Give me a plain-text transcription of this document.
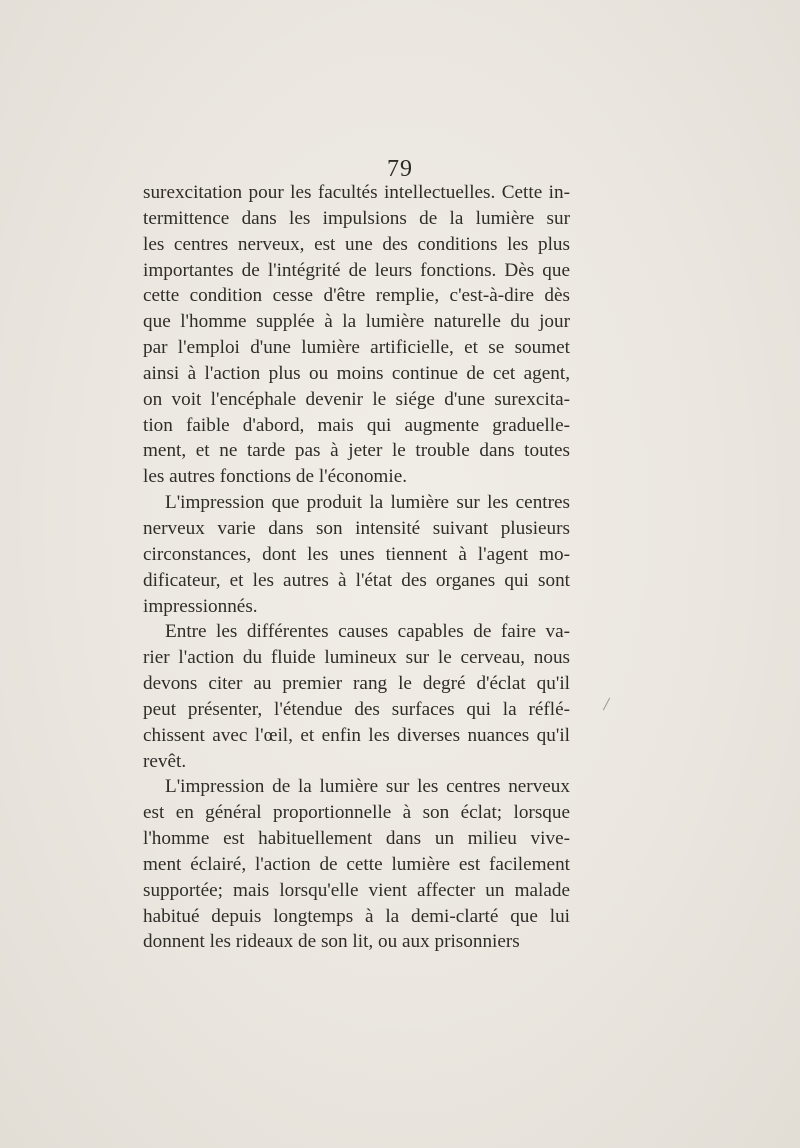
79
surexcitation pour les facultés intellectuelles. Cette in-
termittence dans les impulsions de la lumière sur
les centres nerveux, est une des conditions les plus
importantes de l'intégrité de leurs fonctions. Dès que
cette condition cesse d'être remplie, c'est-à-dire dès
que l'homme supplée à la lumière naturelle du jour
par l'emploi d'une lumière artificielle, et se soumet
ainsi à l'action plus ou moins continue de cet agent,
on voit l'encéphale devenir le siége d'une surexcita-
tion faible d'abord, mais qui augmente graduelle-
ment, et ne tarde pas à jeter le trouble dans toutes
les autres fonctions de l'économie.
L'impression que produit la lumière sur les centres
nerveux varie dans son intensité suivant plusieurs
circonstances, dont les unes tiennent à l'agent mo-
dificateur, et les autres à l'état des organes qui sont
impressionnés.
Entre les différentes causes capables de faire va-
rier l'action du fluide lumineux sur le cerveau, nous
devons citer au premier rang le degré d'éclat qu'il
peut présenter, l'étendue des surfaces qui la réflé-
chissent avec l'œil, et enfin les diverses nuances qu'il
revêt.
L'impression de la lumière sur les centres nerveux
est en général proportionnelle à son éclat; lorsque
l'homme est habituellement dans un milieu vive-
ment éclairé, l'action de cette lumière est facilement
supportée; mais lorsqu'elle vient affecter un malade
habitué depuis longtemps à la demi-clarté que lui
donnent les rideaux de son lit, ou aux prisonniers
